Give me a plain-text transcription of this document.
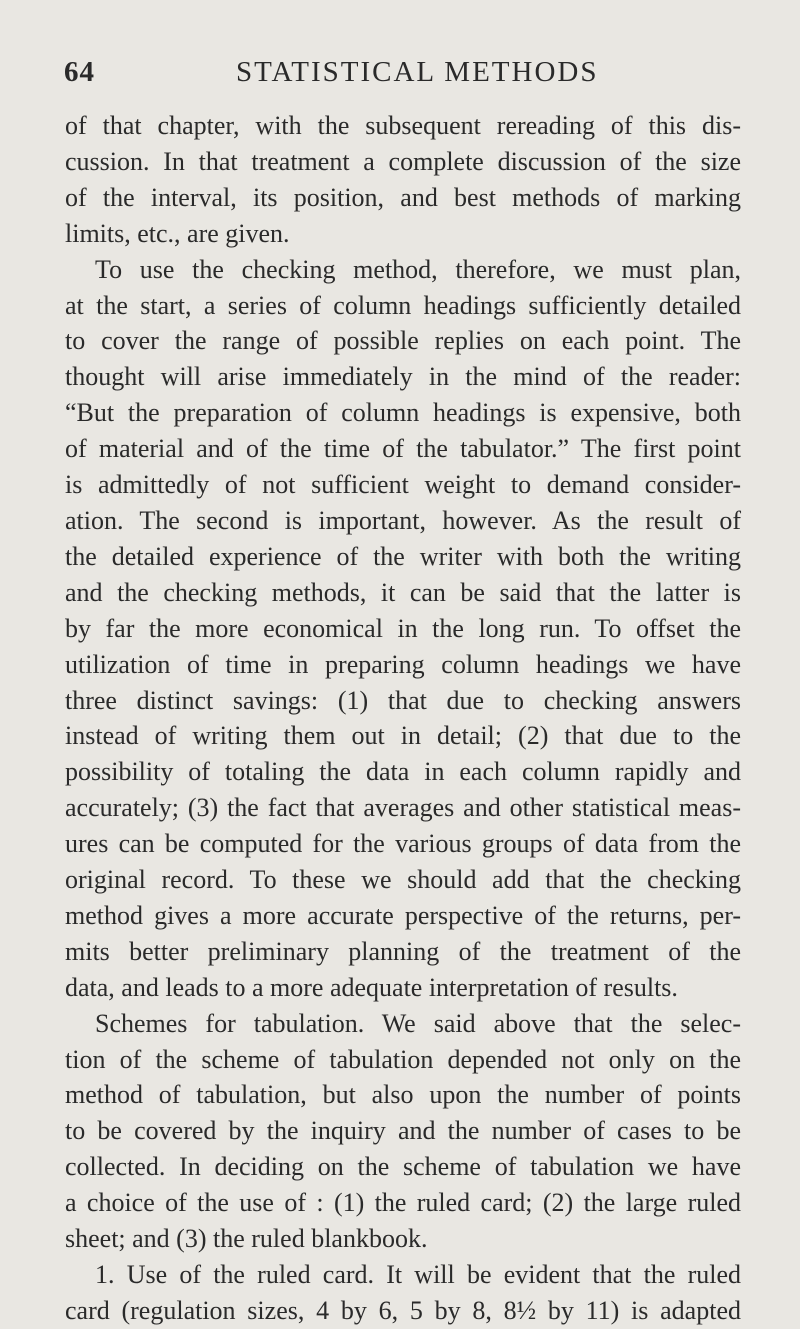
64	STATISTICAL METHODS
of that chapter, with the subsequent rereading of this dis-
cussion. In that treatment a complete discussion of the size
of the interval, its position, and best methods of marking
limits, etc., are given.
To use the checking method, therefore, we must plan,
at the start, a series of column headings sufficiently detailed
to cover the range of possible replies on each point. The
thought will arise immediately in the mind of the reader:
“But the preparation of column headings is expensive, both
of material and of the time of the tabulator.” The first point
is admittedly of not sufficient weight to demand consider-
ation. The second is important, however. As the result of
the detailed experience of the writer with both the writing
and the checking methods, it can be said that the latter is
by far the more economical in the long run. To offset the
utilization of time in preparing column headings we have
three distinct savings: (1) that due to checking answers
instead of writing them out in detail; (2) that due to the
possibility of totaling the data in each column rapidly and
accurately; (3) the fact that averages and other statistical meas-
ures can be computed for the various groups of data from the
original record. To these we should add that the checking
method gives a more accurate perspective of the returns, per-
mits better preliminary planning of the treatment of the
data, and leads to a more adequate interpretation of results.
Schemes for tabulation. We said above that the selec-
tion of the scheme of tabulation depended not only on the
method of tabulation, but also upon the number of points
to be covered by the inquiry and the number of cases to be
collected. In deciding on the scheme of tabulation we have
a choice of the use of : (1) the ruled card; (2) the large ruled
sheet; and (3) the ruled blankbook.
1. Use of the ruled card. It will be evident that the ruled
card (regulation sizes, 4 by 6, 5 by 8, 8½ by 11) is adapted
